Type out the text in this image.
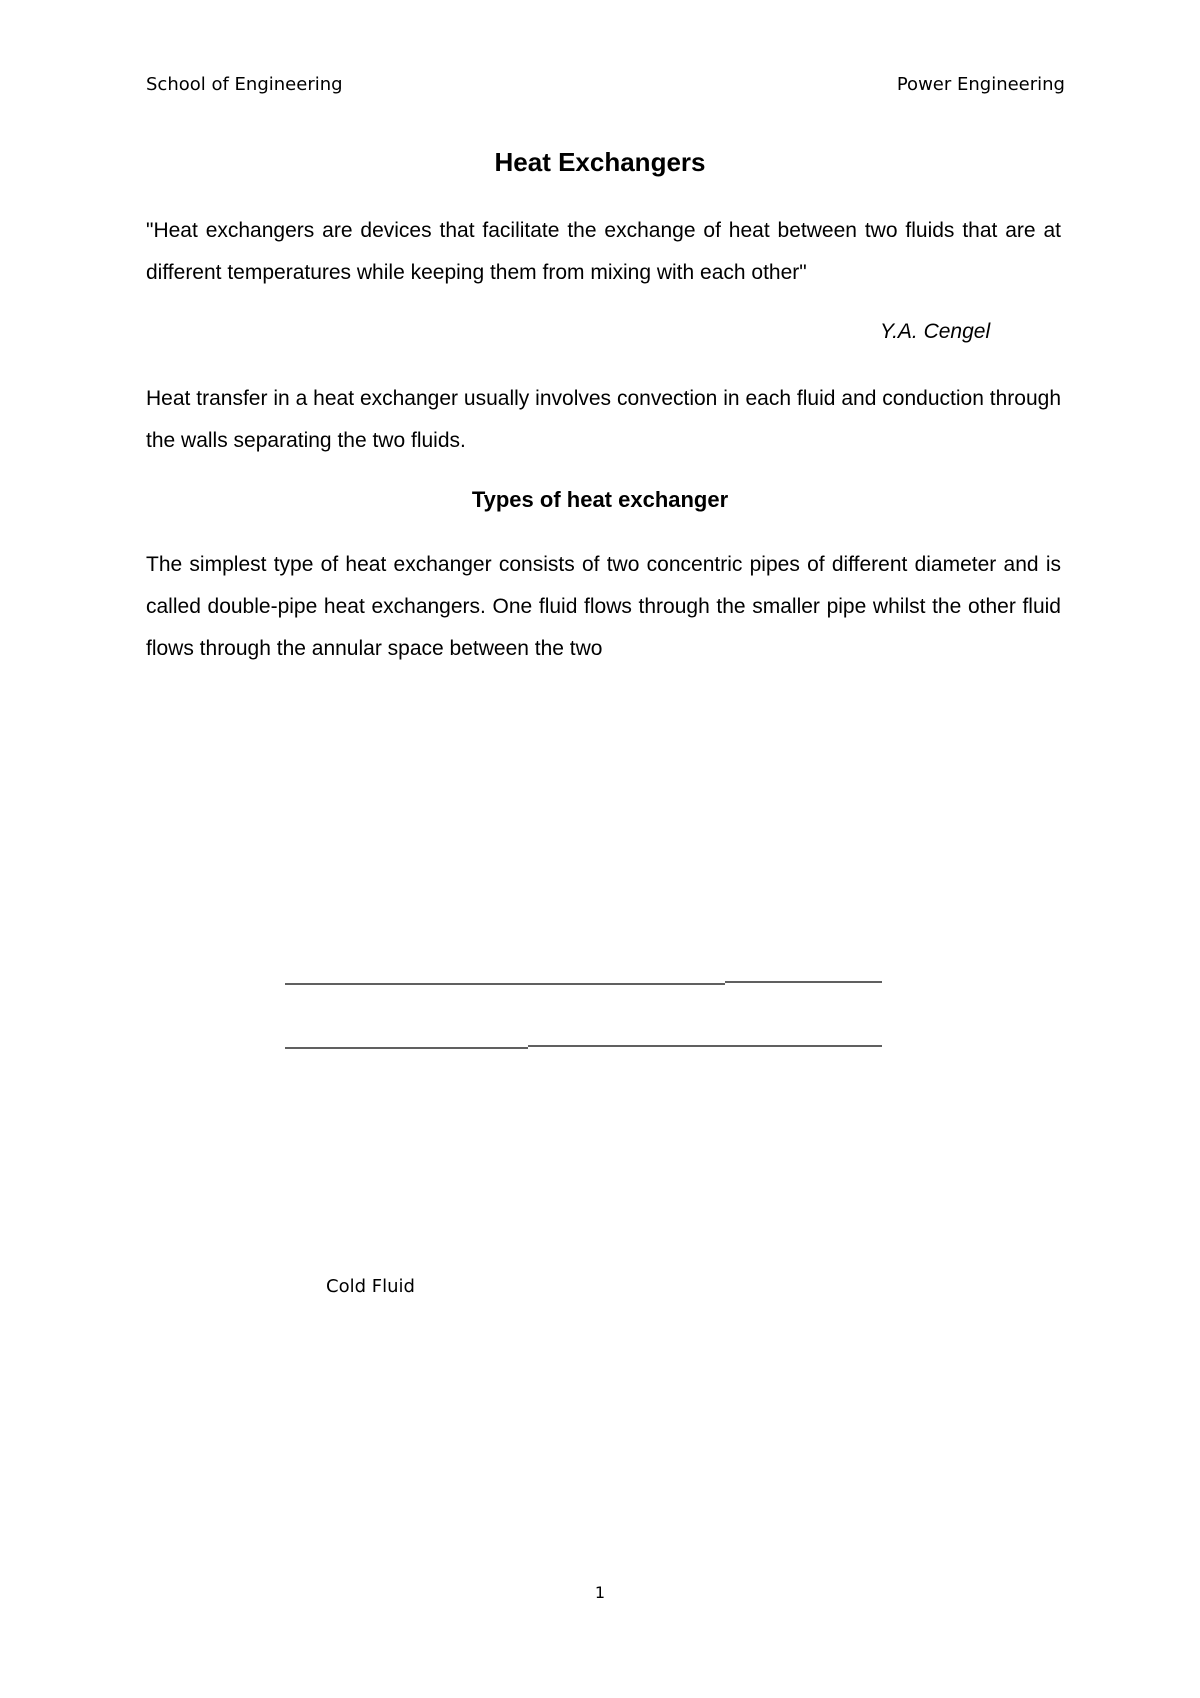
School of Engineering	Power Engineering
Heat Exchangers
"Heat exchangers are devices that facilitate the exchange of heat between two fluids that are at different temperatures while keeping them from mixing with each other"
Y.A. Cengel
Heat transfer in a heat exchanger usually involves convection in each fluid and conduction through the walls separating the two fluids.
Types of heat exchanger
The simplest type of heat exchanger consists of two concentric pipes of different diameter and is called double-pipe heat exchangers. One fluid flows through the smaller pipe whilst the other fluid flows through the annular space between the two
Cold Fluid
1
